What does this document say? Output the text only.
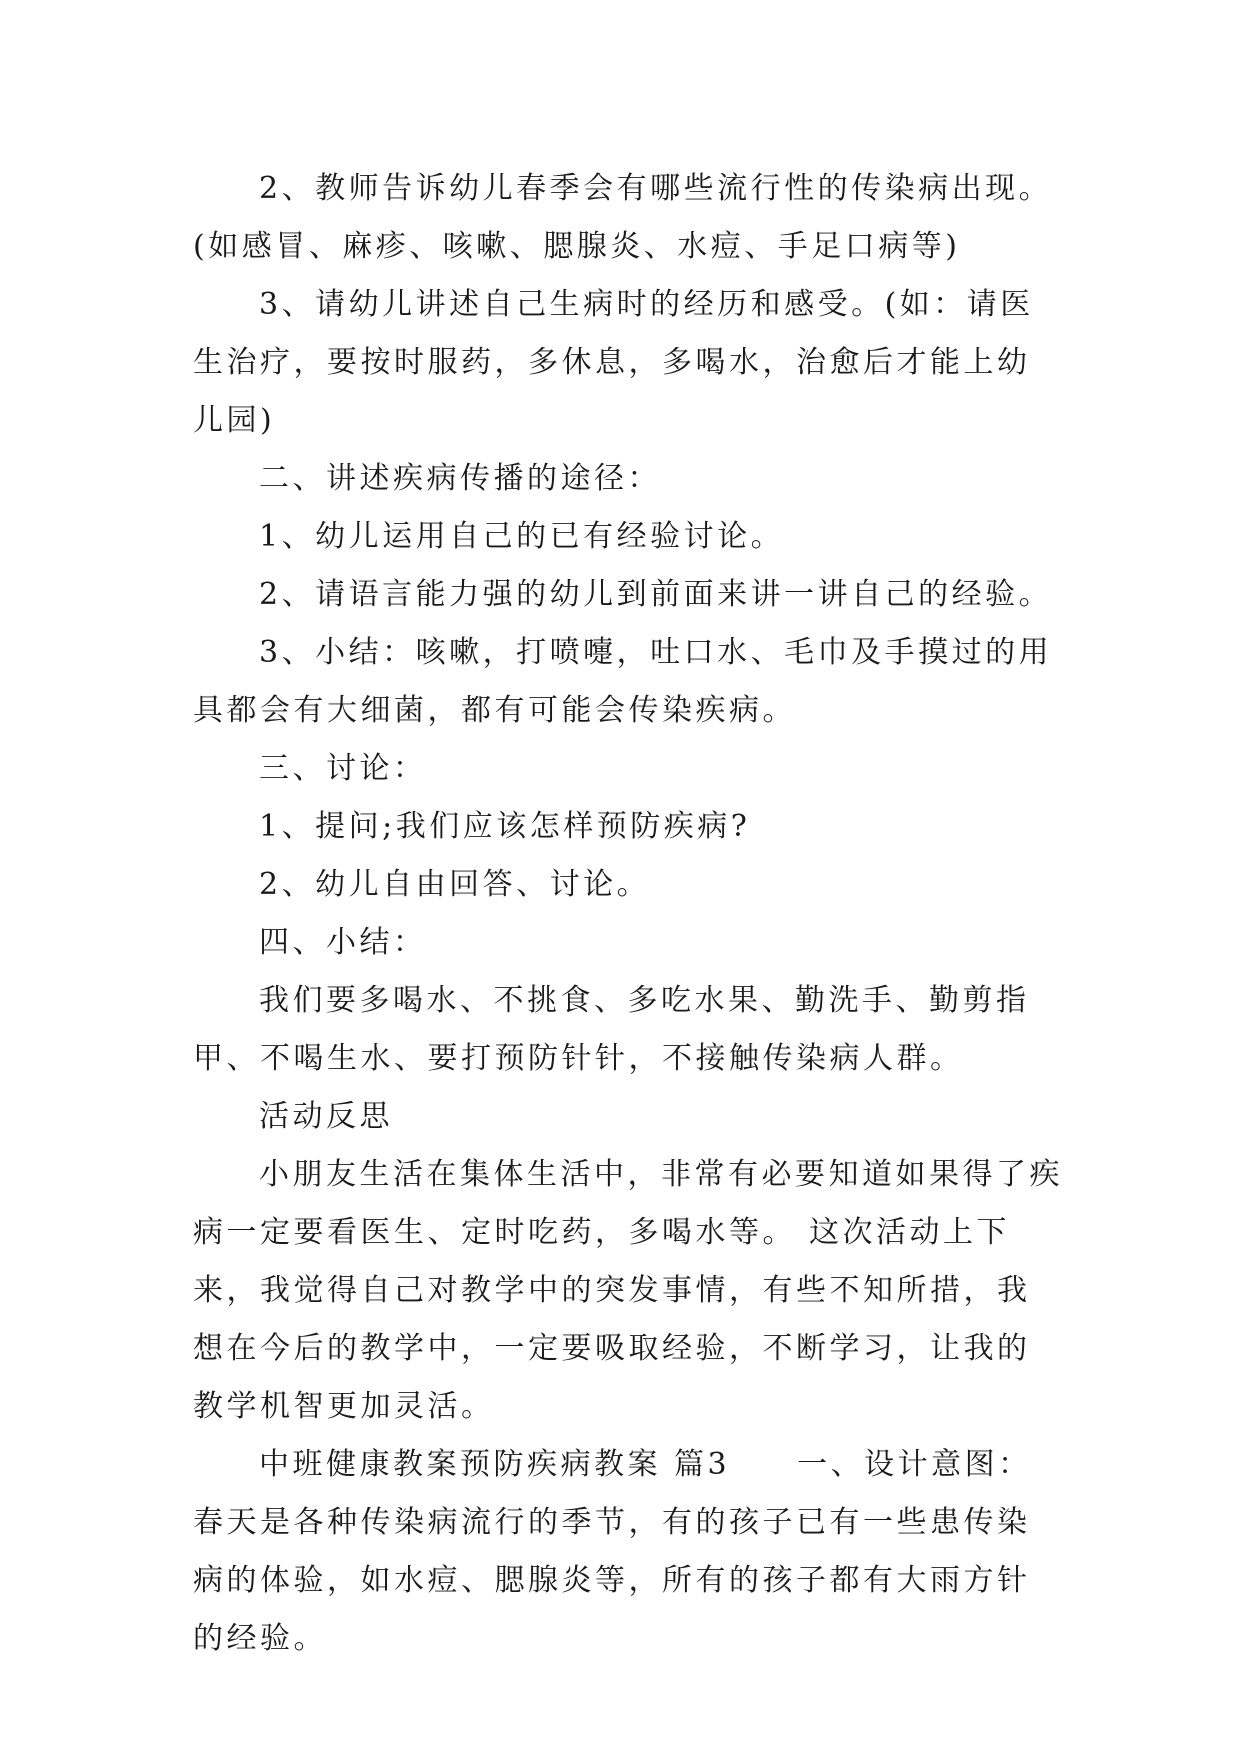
2、教师告诉幼儿春季会有哪些流行性的传染病出现。(如感冒、麻疹、咳嗽、腮腺炎、水痘、手足口病等)

3、请幼儿讲述自己生病时的经历和感受。(如：请医生治疗，要按时服药，多休息，多喝水，治愈后才能上幼儿园)

二、讲述疾病传播的途径：

1、幼儿运用自己的已有经验讨论。

2、请语言能力强的幼儿到前面来讲一讲自己的经验。

3、小结：咳嗽，打喷嚏，吐口水、毛巾及手摸过的用具都会有大细菌，都有可能会传染疾病。

三、讨论：

1、提问;我们应该怎样预防疾病?

2、幼儿自由回答、讨论。

四、小结：

我们要多喝水、不挑食、多吃水果、勤洗手、勤剪指甲、不喝生水、要打预防针针，不接触传染病人群。

活动反思

小朋友生活在集体生活中，非常有必要知道如果得了疾病一定要看医生、定时吃药，多喝水等。 这次活动上下来，我觉得自己对教学中的突发事情，有些不知所措，我想在今后的教学中，一定要吸取经验，不断学习，让我的教学机智更加灵活。

中班健康教案预防疾病教案 篇3　　一、设计意图：春天是各种传染病流行的季节，有的孩子已有一些患传染病的体验，如水痘、腮腺炎等，所有的孩子都有大雨方针的经验。
